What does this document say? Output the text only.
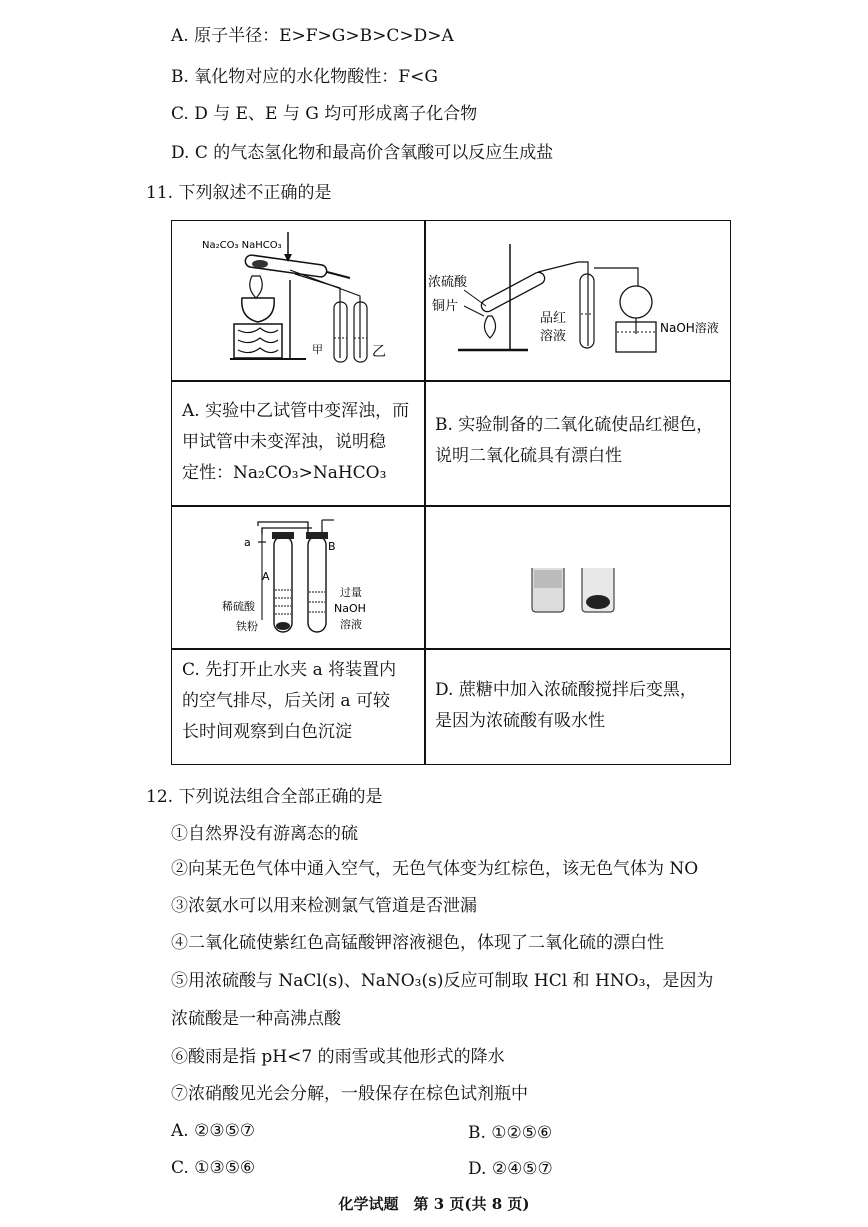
A. 原子半径：E>F>G>B>C>D>A
B. 氧化物对应的水化物酸性：F<G
C. D 与 E、E 与 G 均可形成离子化合物
D. C 的气态氢化物和最高价含氧酸可以反应生成盐
11. 下列叙述不正确的是
Na₂CO₃ NaHCO₃
甲	乙
浓硫酸
铜片
品红
溶液
NaOH溶液
A. 实验中乙试管中变浑浊，而
甲试管中未变浑浊，说明稳
定性：Na₂CO₃>NaHCO₃
B. 实验制备的二氧化硫使品红褪色，
说明二氧化硫具有漂白性
a
A
B
稀硫酸
铁粉
过量
NaOH
溶液
C. 先打开止水夹 a 将装置内
的空气排尽，后关闭 a 可较
长时间观察到白色沉淀
D. 蔗糖中加入浓硫酸搅拌后变黑，
是因为浓硫酸有吸水性
12. 下列说法组合全部正确的是
①自然界没有游离态的硫
②向某无色气体中通入空气，无色气体变为红棕色，该无色气体为 NO
③浓氨水可以用来检测氯气管道是否泄漏
④二氧化硫使紫红色高锰酸钾溶液褪色，体现了二氧化硫的漂白性
⑤用浓硫酸与 NaCl(s)、NaNO₃(s)反应可制取 HCl 和 HNO₃，是因为
浓硫酸是一种高沸点酸
⑥酸雨是指 pH<7 的雨雪或其他形式的降水
⑦浓硝酸见光会分解，一般保存在棕色试剂瓶中
A. ②③⑤⑦	B. ①②⑤⑥
C. ①③⑤⑥	D. ②④⑤⑦
化学试题　第 3 页(共 8 页)
